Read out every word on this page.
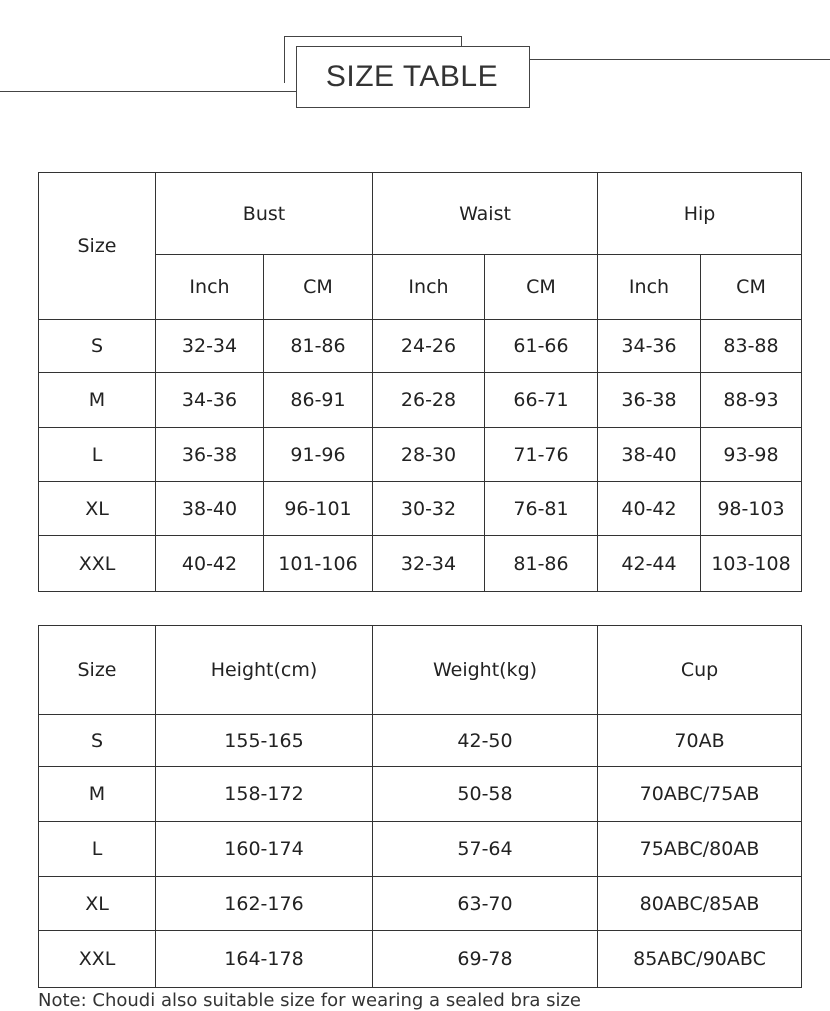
SIZE TABLE
Size	Bust		Waist		Hip	
	Inch	CM	Inch	CM	Inch	CM
S	32-34	81-86	24-26	61-66	34-36	83-88
M	34-36	86-91	26-28	66-71	36-38	88-93
L	36-38	91-96	28-30	71-76	38-40	93-98
XL	38-40	96-101	30-32	76-81	40-42	98-103
XXL	40-42	101-106	32-34	81-86	42-44	103-108
Size	Height(cm)	Weight(kg)	Cup
S	155-165	42-50	70AB
M	158-172	50-58	70ABC/75AB
L	160-174	57-64	75ABC/80AB
XL	162-176	63-70	80ABC/85AB
XXL	164-178	69-78	85ABC/90ABC
Note: Choudi also suitable size for wearing a sealed bra size
